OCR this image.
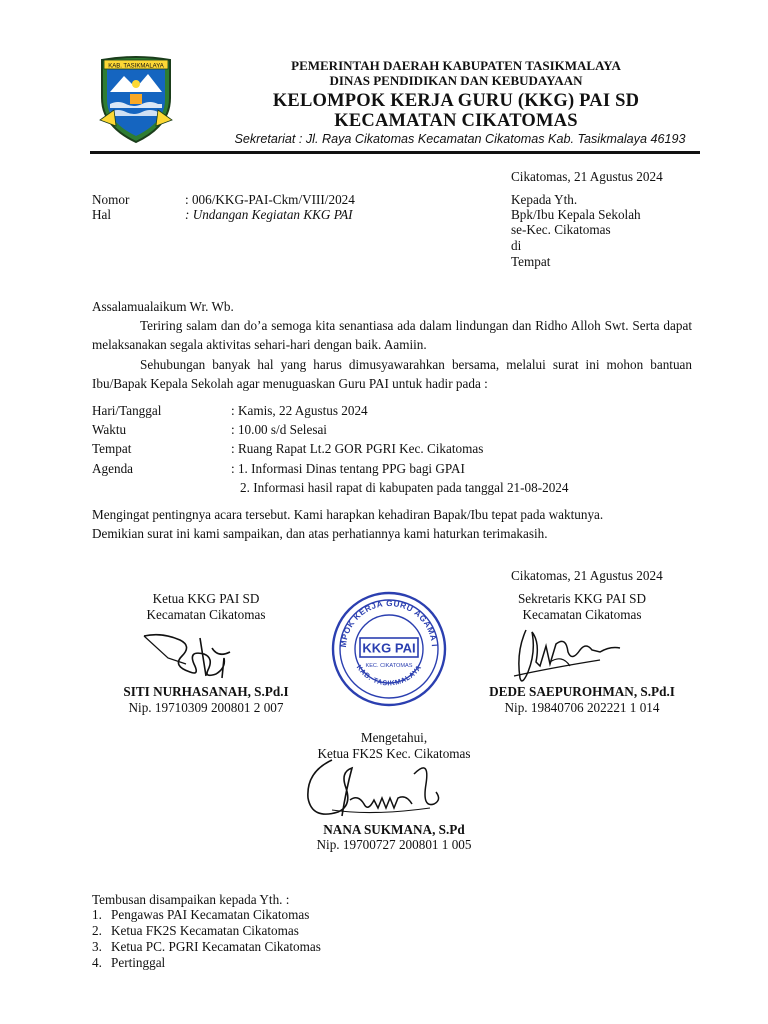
KAB. TASIKMALAYA	PEMERINTAH DAERAH KABUPATEN TASIKMALAYA
DINAS PENDIDIKAN DAN KEBUDAYAAN
KELOMPOK KERJA GURU (KKG) PAI SD
KECAMATAN CIKATOMAS
Sekretariat : Jl. Raya Cikatomas Kecamatan Cikatomas Kab. Tasikmalaya 46193
Cikatomas, 21 Agustus 2024
Nomor	: 006/KKG-PAI-Ckm/VIII/2024
Hal	: Undangan Kegiatan KKG PAI
Kepada Yth.
Bpk/Ibu Kepala Sekolah
se-Kec. Cikatomas
di
Tempat
Assalamualaikum Wr. Wb.
Teriring salam dan do’a semoga kita senantiasa ada dalam lindungan dan Ridho Alloh Swt. Serta dapat melaksanakan segala aktivitas sehari-hari dengan baik. Aamiin.
Sehubungan banyak hal yang harus dimusyawarahkan bersama, melalui surat ini mohon bantuan Ibu/Bapak Kepala Sekolah agar menuguaskan Guru PAI untuk hadir pada :
Hari/Tanggal	: Kamis, 22 Agustus 2024
Waktu	: 10.00 s/d Selesai
Tempat	: Ruang Rapat Lt.2 GOR PGRI Kec. Cikatomas
Agenda	: 1. Informasi Dinas tentang PPG bagi GPAI
2. Informasi hasil rapat di kabupaten pada tanggal 21-08-2024
Mengingat pentingnya acara tersebut. Kami harapkan kehadiran Bapak/Ibu tepat pada waktunya.
Demikian surat ini kami sampaikan, dan atas perhatiannya kami haturkan terimakasih.
Cikatomas, 21 Agustus 2024
Ketua KKG PAI SD
Kecamatan Cikatomas
SITI NURHASANAH, S.Pd.I
Nip. 19710309 200801 2 007
Sekretaris KKG PAI SD
Kecamatan Cikatomas
DEDE SAEPUROHMAN, S.Pd.I
Nip. 19840706 202221 1 014
MPOK KERJA GURU AGAMA I
KAB. TASIKMALAYA
KKG PAI
KEC. CIKATOMAS
Mengetahui,
Ketua FK2S Kec. Cikatomas
NANA SUKMANA, S.Pd
Nip. 19700727 200801 1 005
Tembusan disampaikan kepada Yth. :
1. Pengawas PAI Kecamatan Cikatomas
2. Ketua FK2S Kecamatan Cikatomas
3. Ketua PC. PGRI Kecamatan Cikatomas
4. Pertinggal
